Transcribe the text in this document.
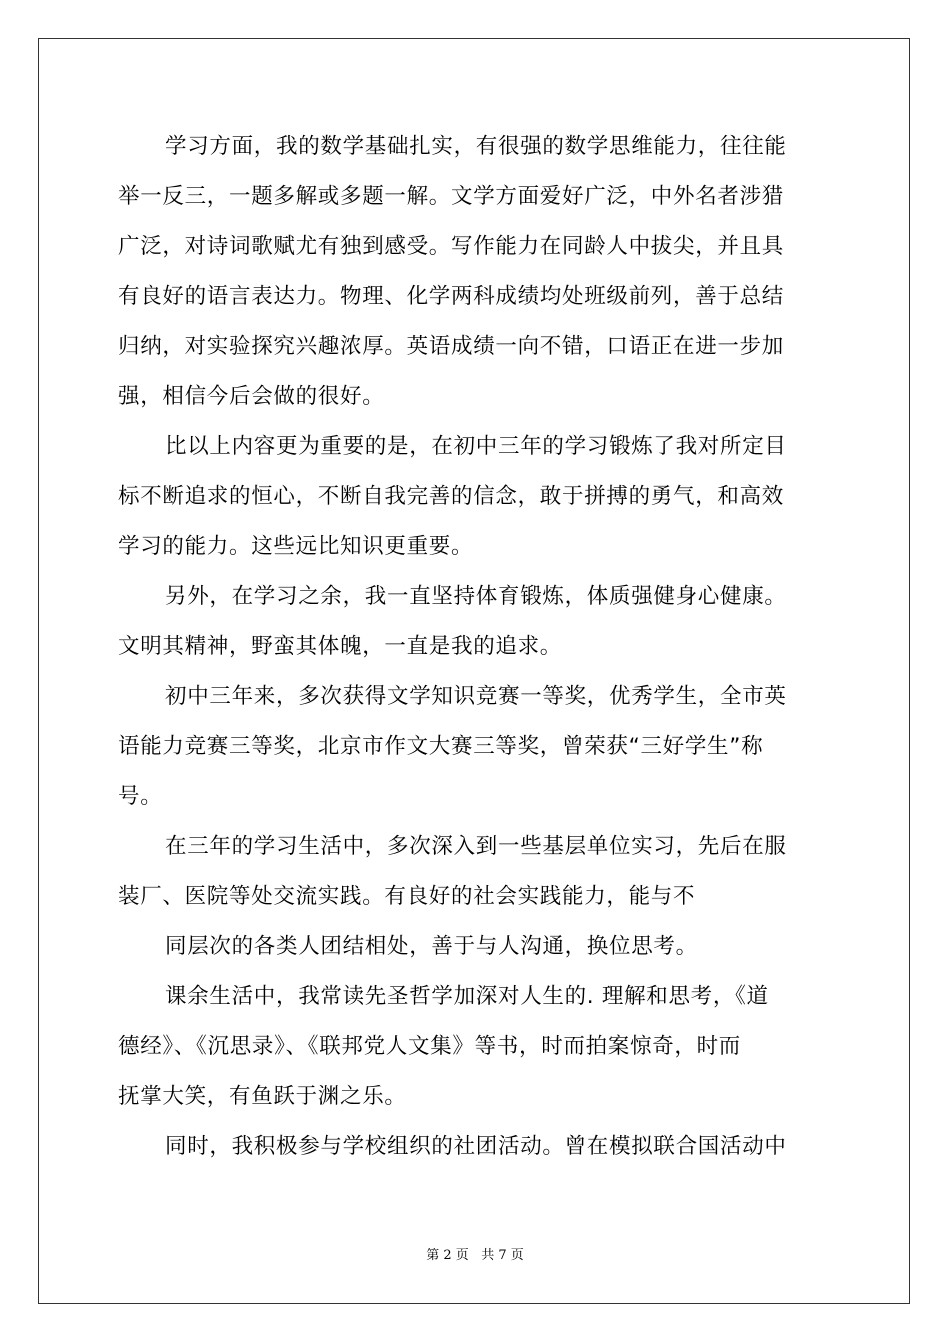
学习方面，我的数学基础扎实，有很强的数学思维能力，往往能
举一反三，一题多解或多题一解。文学方面爱好广泛，中外名者涉猎
广泛，对诗词歌赋尤有独到感受。写作能力在同龄人中拔尖，并且具
有良好的语言表达力。物理、化学两科成绩均处班级前列，善于总结
归纳，对实验探究兴趣浓厚。英语成绩一向不错，口语正在进一步加
强，相信今后会做的很好。
比以上内容更为重要的是，在初中三年的学习锻炼了我对所定目
标不断追求的恒心，不断自我完善的信念，敢于拼搏的勇气，和高效
学习的能力。这些远比知识更重要。
另外，在学习之余，我一直坚持体育锻炼，体质强健身心健康。
文明其精神，野蛮其体魄，一直是我的追求。
初中三年来，多次获得文学知识竞赛一等奖，优秀学生，全市英
语能力竞赛三等奖，北京市作文大赛三等奖，曾荣获“三好学生”称
号。
在三年的学习生活中，多次深入到一些基层单位实习，先后在服
装厂、医院等处交流实践。有良好的社会实践能力，能与不
同层次的各类人团结相处，善于与人沟通，换位思考。
课余生活中，我常读先圣哲学加深对人生的. 理解和思考，《道
德经》、《沉思录》、《联邦党人文集》等书，时而拍案惊奇，时而
抚掌大笑，有鱼跃于渊之乐。
同时，我积极参与学校组织的社团活动。曾在模拟联合国活动中
第 2 页   共 7 页
